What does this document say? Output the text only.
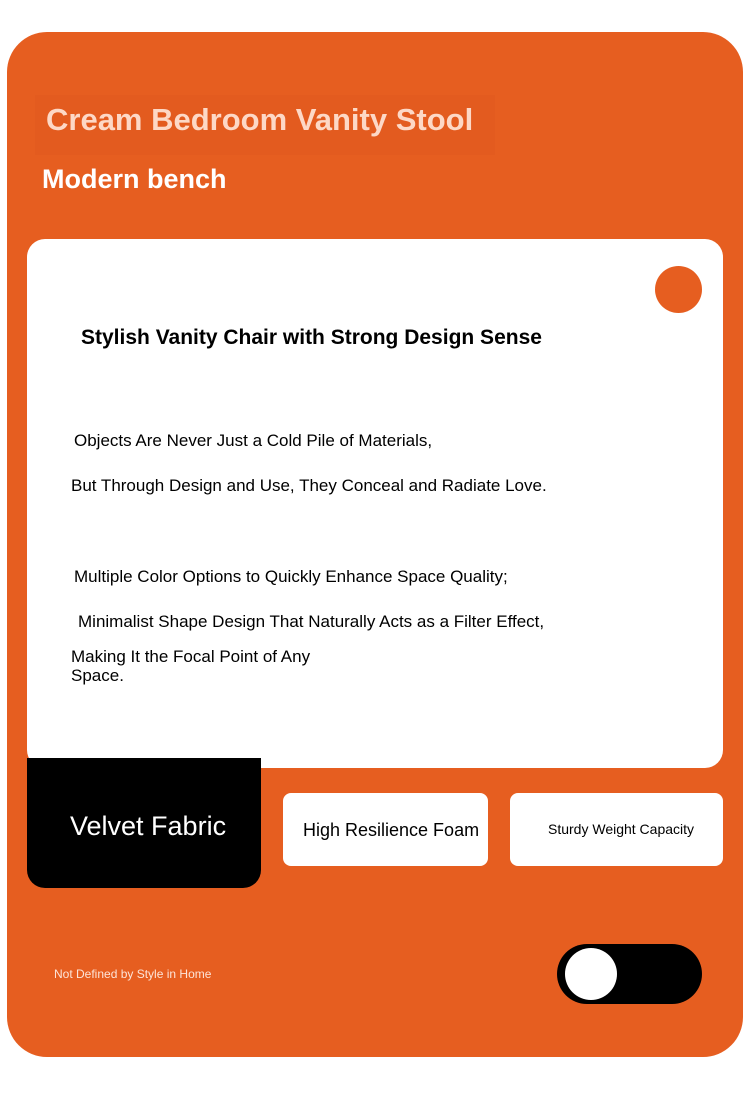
Cream Bedroom Vanity Stool
Modern bench
Stylish Vanity Chair with Strong Design Sense

Objects Are Never Just a Cold Pile of Materials,

But Through Design and Use, They Conceal and Radiate Love.

Multiple Color Options to Quickly Enhance Space Quality;

Minimalist Shape Design That Naturally Acts as a Filter Effect,

Making It the Focal Point of Any Space.

Velvet Fabric	High Resilience Foam	Sturdy Weight Capacity

Not Defined by Style in Home
